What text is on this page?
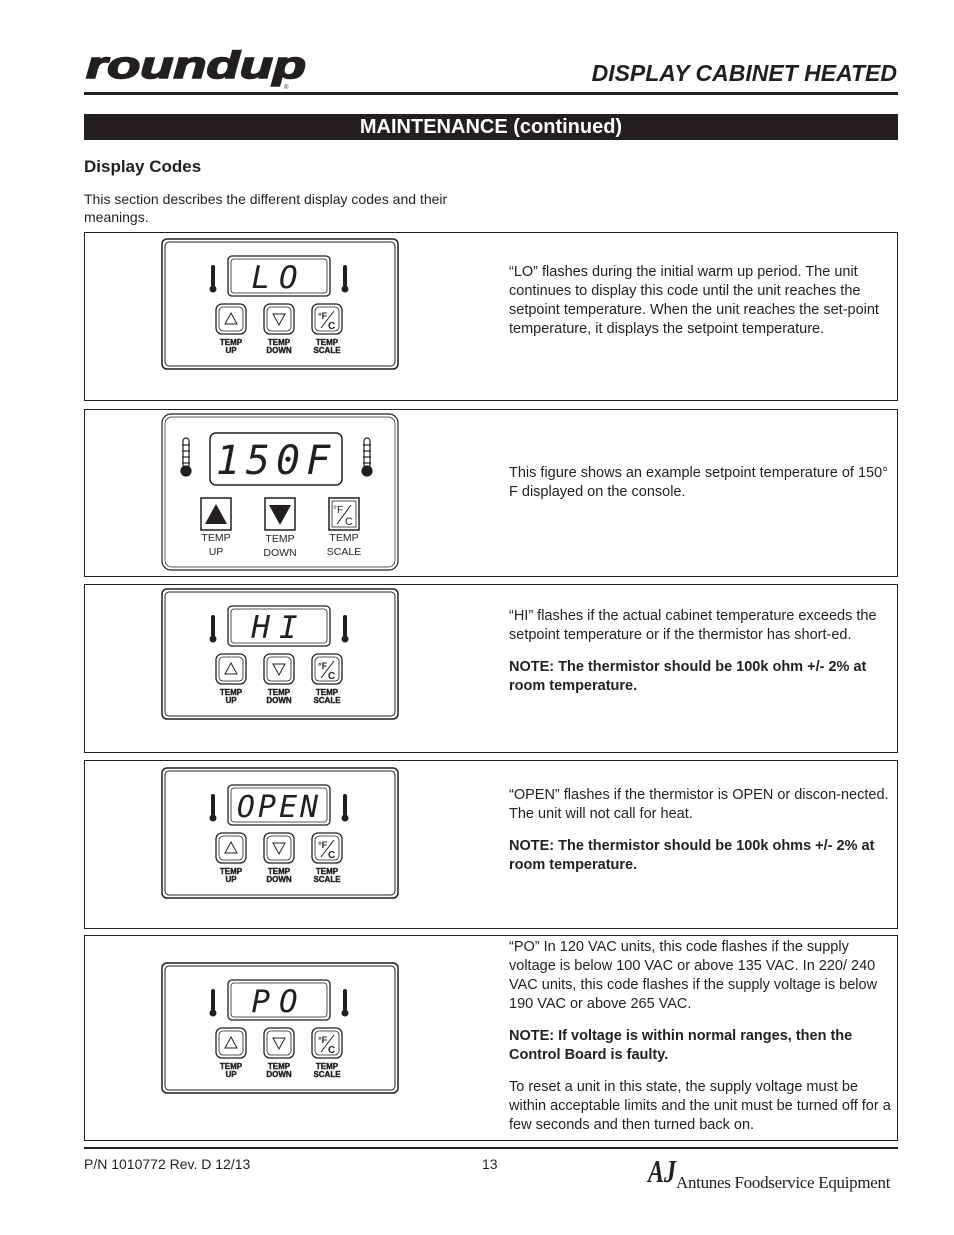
roundup
®
DISPLAY CABINET HEATED
MAINTENANCE (continued)
Display Codes
This section describes the different display codes and their meanings.
LO
°F
C
TEMP
UP
TEMP
DOWN
TEMP
SCALE

“LO” flashes during the initial warm up period. The unit continues to display this code until the unit reaches the setpoint temperature. When the unit reaches the set-point temperature, it displays the setpoint temperature.

150F
°F
C
TEMP
UP
TEMP
DOWN
TEMP
SCALE

This figure shows an example setpoint temperature of 150° F displayed on the console.

HI
°F
C
TEMP
UP
TEMP
DOWN
TEMP
SCALE

“HI” flashes if the actual cabinet temperature exceeds the setpoint temperature or if the thermistor has short-ed.

NOTE: The thermistor should be 100k ohm +/- 2% at room temperature.

OPEN
°F
C
TEMP
UP
TEMP
DOWN
TEMP
SCALE

“OPEN” flashes if the thermistor is OPEN or discon-nected. The unit will not call for heat.

NOTE: The thermistor should be 100k ohms +/- 2% at room temperature.

PO
°F
C
TEMP
UP
TEMP
DOWN
TEMP
SCALE

“PO” In 120 VAC units, this code flashes if the supply voltage is below 100 VAC or above 135 VAC. In 220/ 240 VAC units, this code flashes if the supply voltage is below 190 VAC or above 265 VAC.

NOTE: If voltage is within normal ranges, then the Control Board is faulty.

To reset a unit in this state, the supply voltage must be within acceptable limits and the unit must be turned off for a few seconds and then turned back on.

P/N 1010772 Rev. D 12/13	13	AJ Antunes Foodservice Equipment
